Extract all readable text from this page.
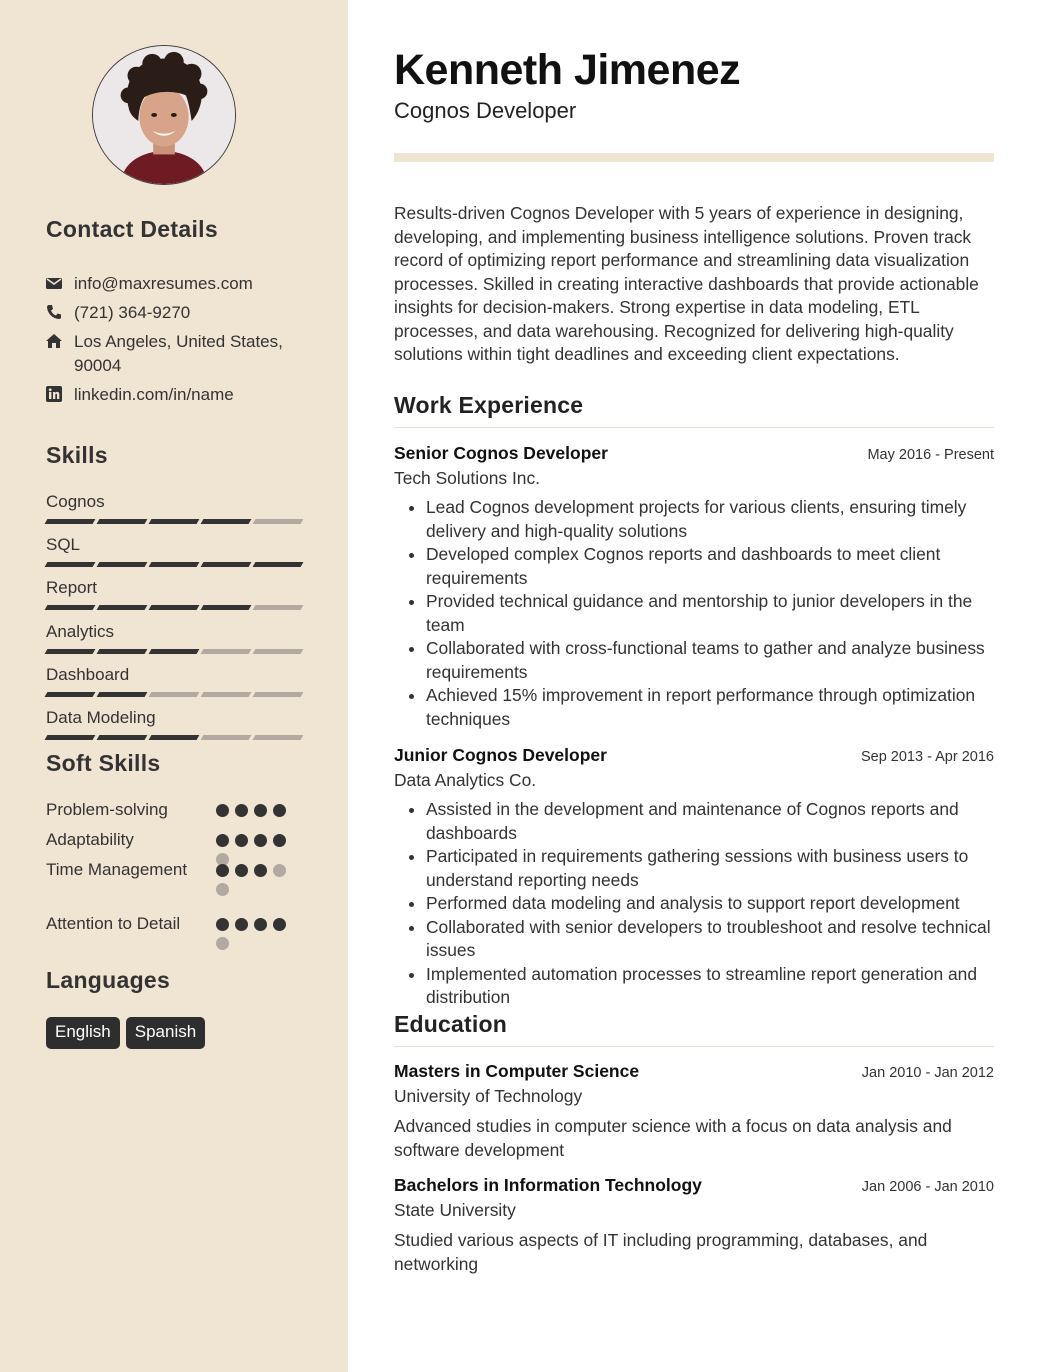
Contact Details
info@maxresumes.com
(721) 364-9270
Los Angeles, United States, 90004
linkedin.com/in/name
Skills
Cognos
SQL
Report
Analytics
Dashboard
Data Modeling
Soft Skills
Problem-solving
Adaptability
Time Management
Attention to Detail
Languages
English	Spanish
Kenneth Jimenez
Cognos Developer

Results-driven Cognos Developer with 5 years of experience in designing, developing, and implementing business intelligence solutions. Proven track record of optimizing report performance and streamlining data visualization processes. Skilled in creating interactive dashboards that provide actionable insights for decision-makers. Strong expertise in data modeling, ETL processes, and data warehousing. Recognized for delivering high-quality solutions within tight deadlines and exceeding client expectations.

Work Experience
Senior Cognos Developer	May 2016 - Present
Tech Solutions Inc.
• Lead Cognos development projects for various clients, ensuring timely delivery and high-quality solutions
• Developed complex Cognos reports and dashboards to meet client requirements
• Provided technical guidance and mentorship to junior developers in the team
• Collaborated with cross-functional teams to gather and analyze business requirements
• Achieved 15% improvement in report performance through optimization techniques
Junior Cognos Developer	Sep 2013 - Apr 2016
Data Analytics Co.
• Assisted in the development and maintenance of Cognos reports and dashboards
• Participated in requirements gathering sessions with business users to understand reporting needs
• Performed data modeling and analysis to support report development
• Collaborated with senior developers to troubleshoot and resolve technical issues
• Implemented automation processes to streamline report generation and distribution
Education
Masters in Computer Science	Jan 2010 - Jan 2012
University of Technology
Advanced studies in computer science with a focus on data analysis and software development
Bachelors in Information Technology	Jan 2006 - Jan 2010
State University
Studied various aspects of IT including programming, databases, and networking
